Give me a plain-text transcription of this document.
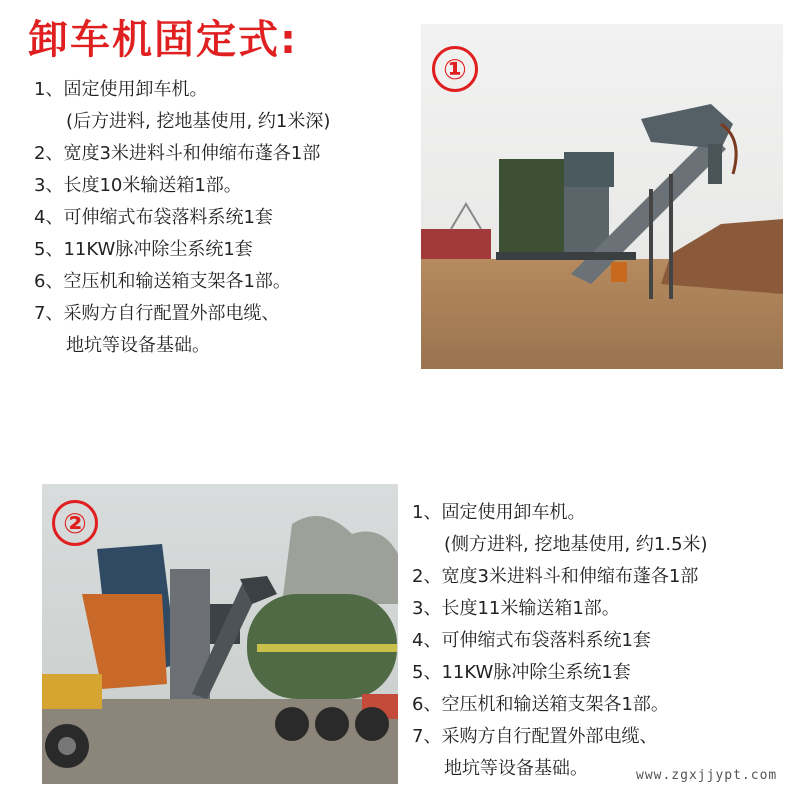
卸车机固定式:
1、固定使用卸车机。
(后方进料, 挖地基使用, 约1米深)
2、宽度3米进料斗和伸缩布蓬各1部
3、长度10米输送箱1部。
4、可伸缩式布袋落料系统1套
5、11KW脉冲除尘系统1套
6、空压机和输送箱支架各1部。
7、采购方自行配置外部电缆、
地坑等设备基础。
①
②	1、固定使用卸车机。
(侧方进料, 挖地基使用, 约1.5米)
2、宽度3米进料斗和伸缩布蓬各1部
3、长度11米输送箱1部。
4、可伸缩式布袋落料系统1套
5、11KW脉冲除尘系统1套
6、空压机和输送箱支架各1部。
7、采购方自行配置外部电缆、
地坑等设备基础。	www.zgxjjypt.com
